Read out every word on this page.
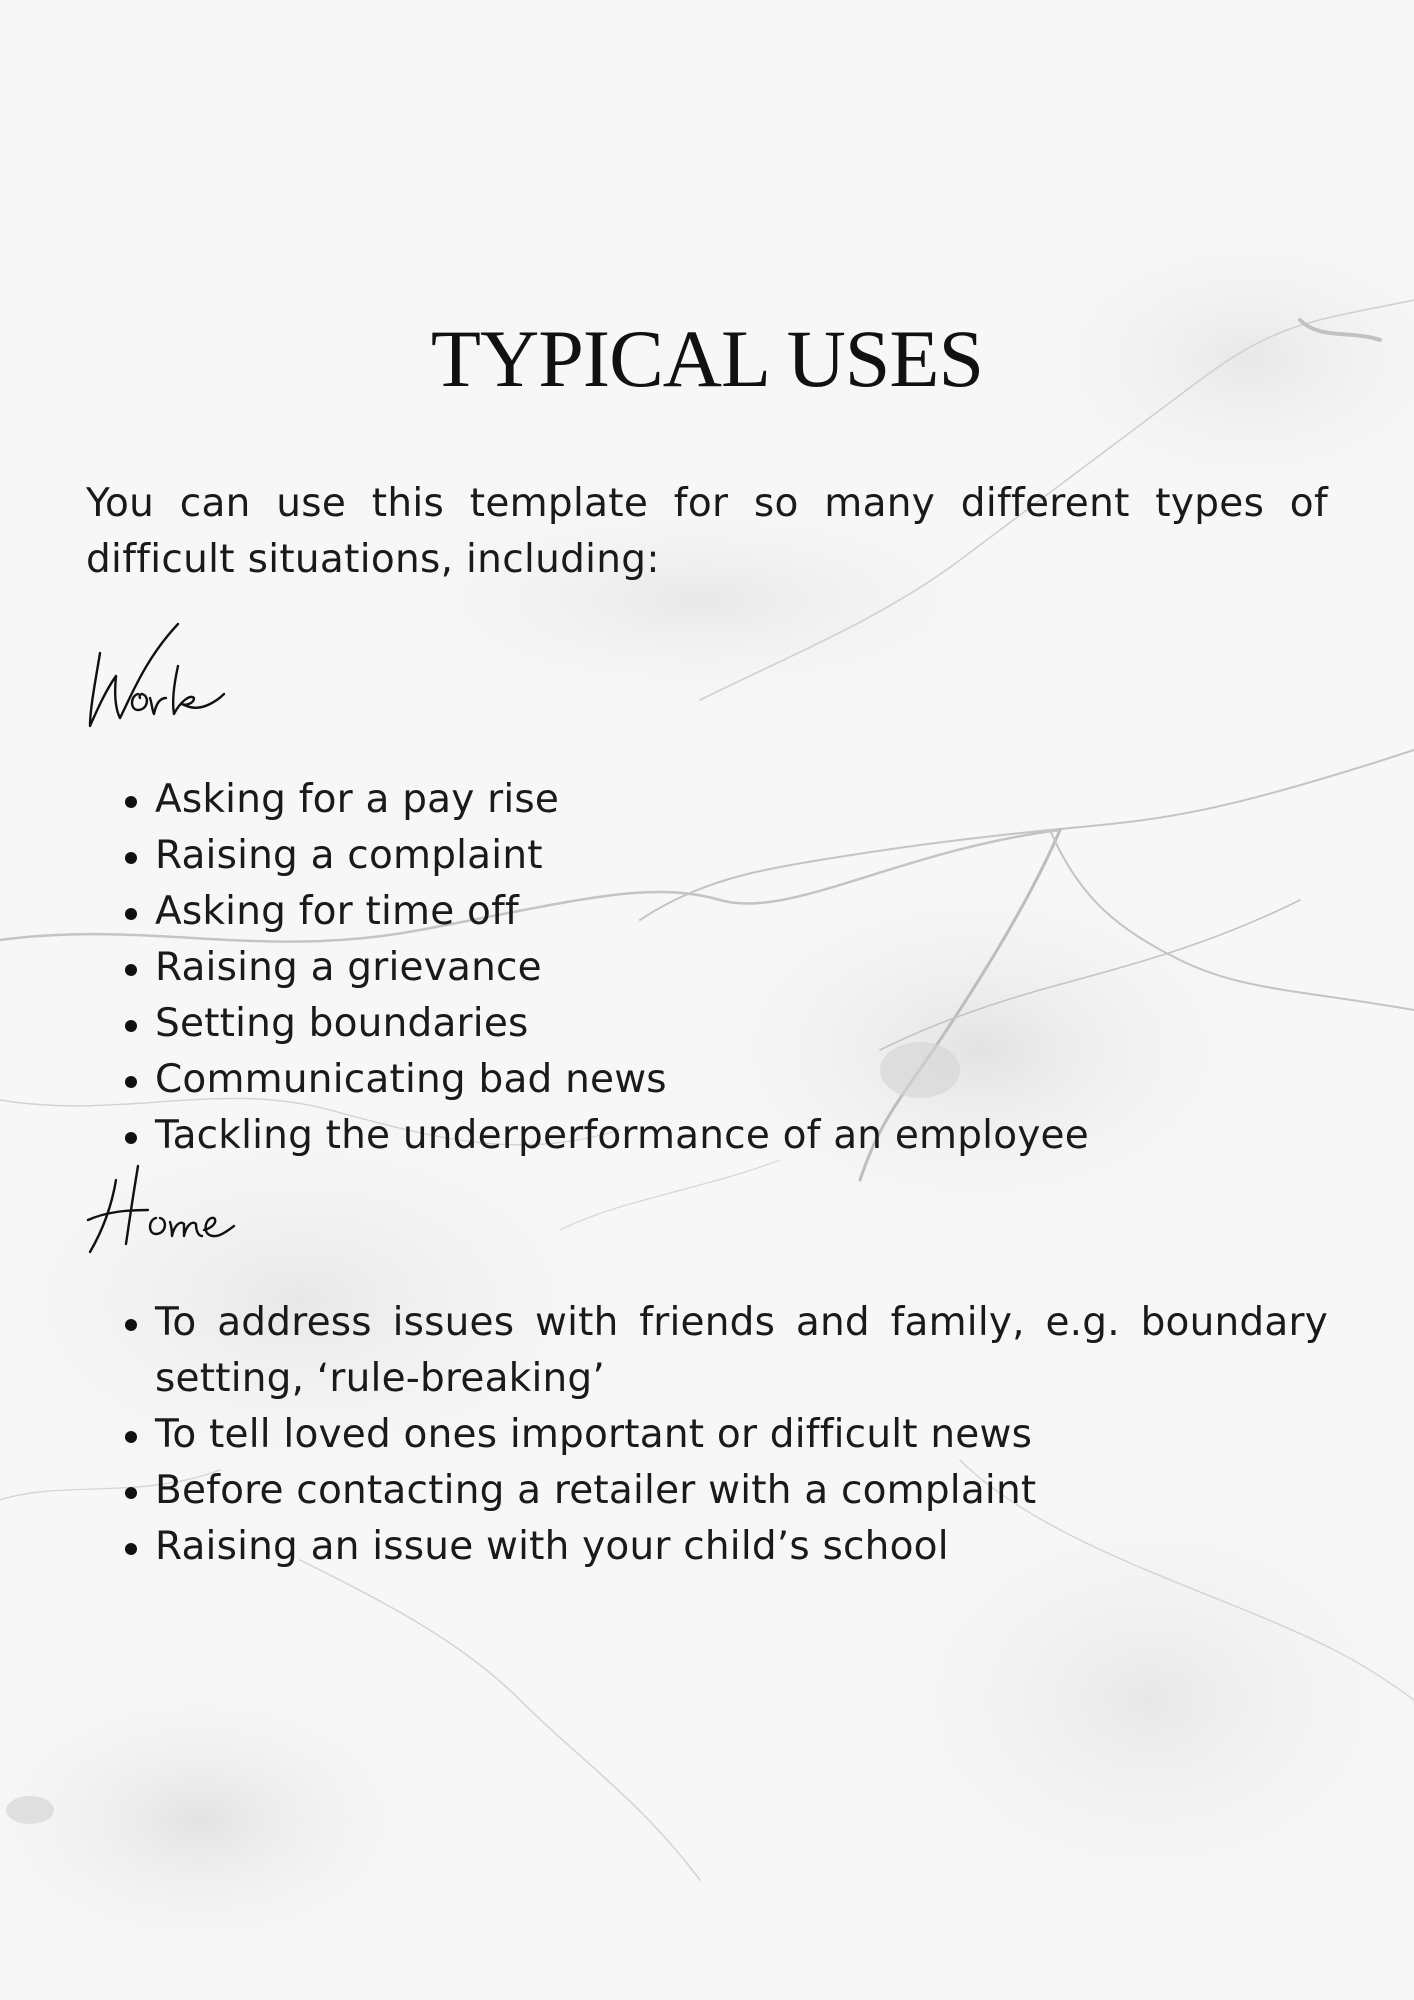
TYPICAL USES

You can use this template for so many different types of difficult situations, including:

Asking for a pay rise
Raising a complaint
Asking for time off
Raising a grievance
Setting boundaries
Communicating bad news
Tackling the underperformance of an employee
To address issues with friends and family, e.g. boundary setting, ‘rule-breaking’
To tell loved ones important or difficult news
Before contacting a retailer with a complaint
Raising an issue with your child’s school
